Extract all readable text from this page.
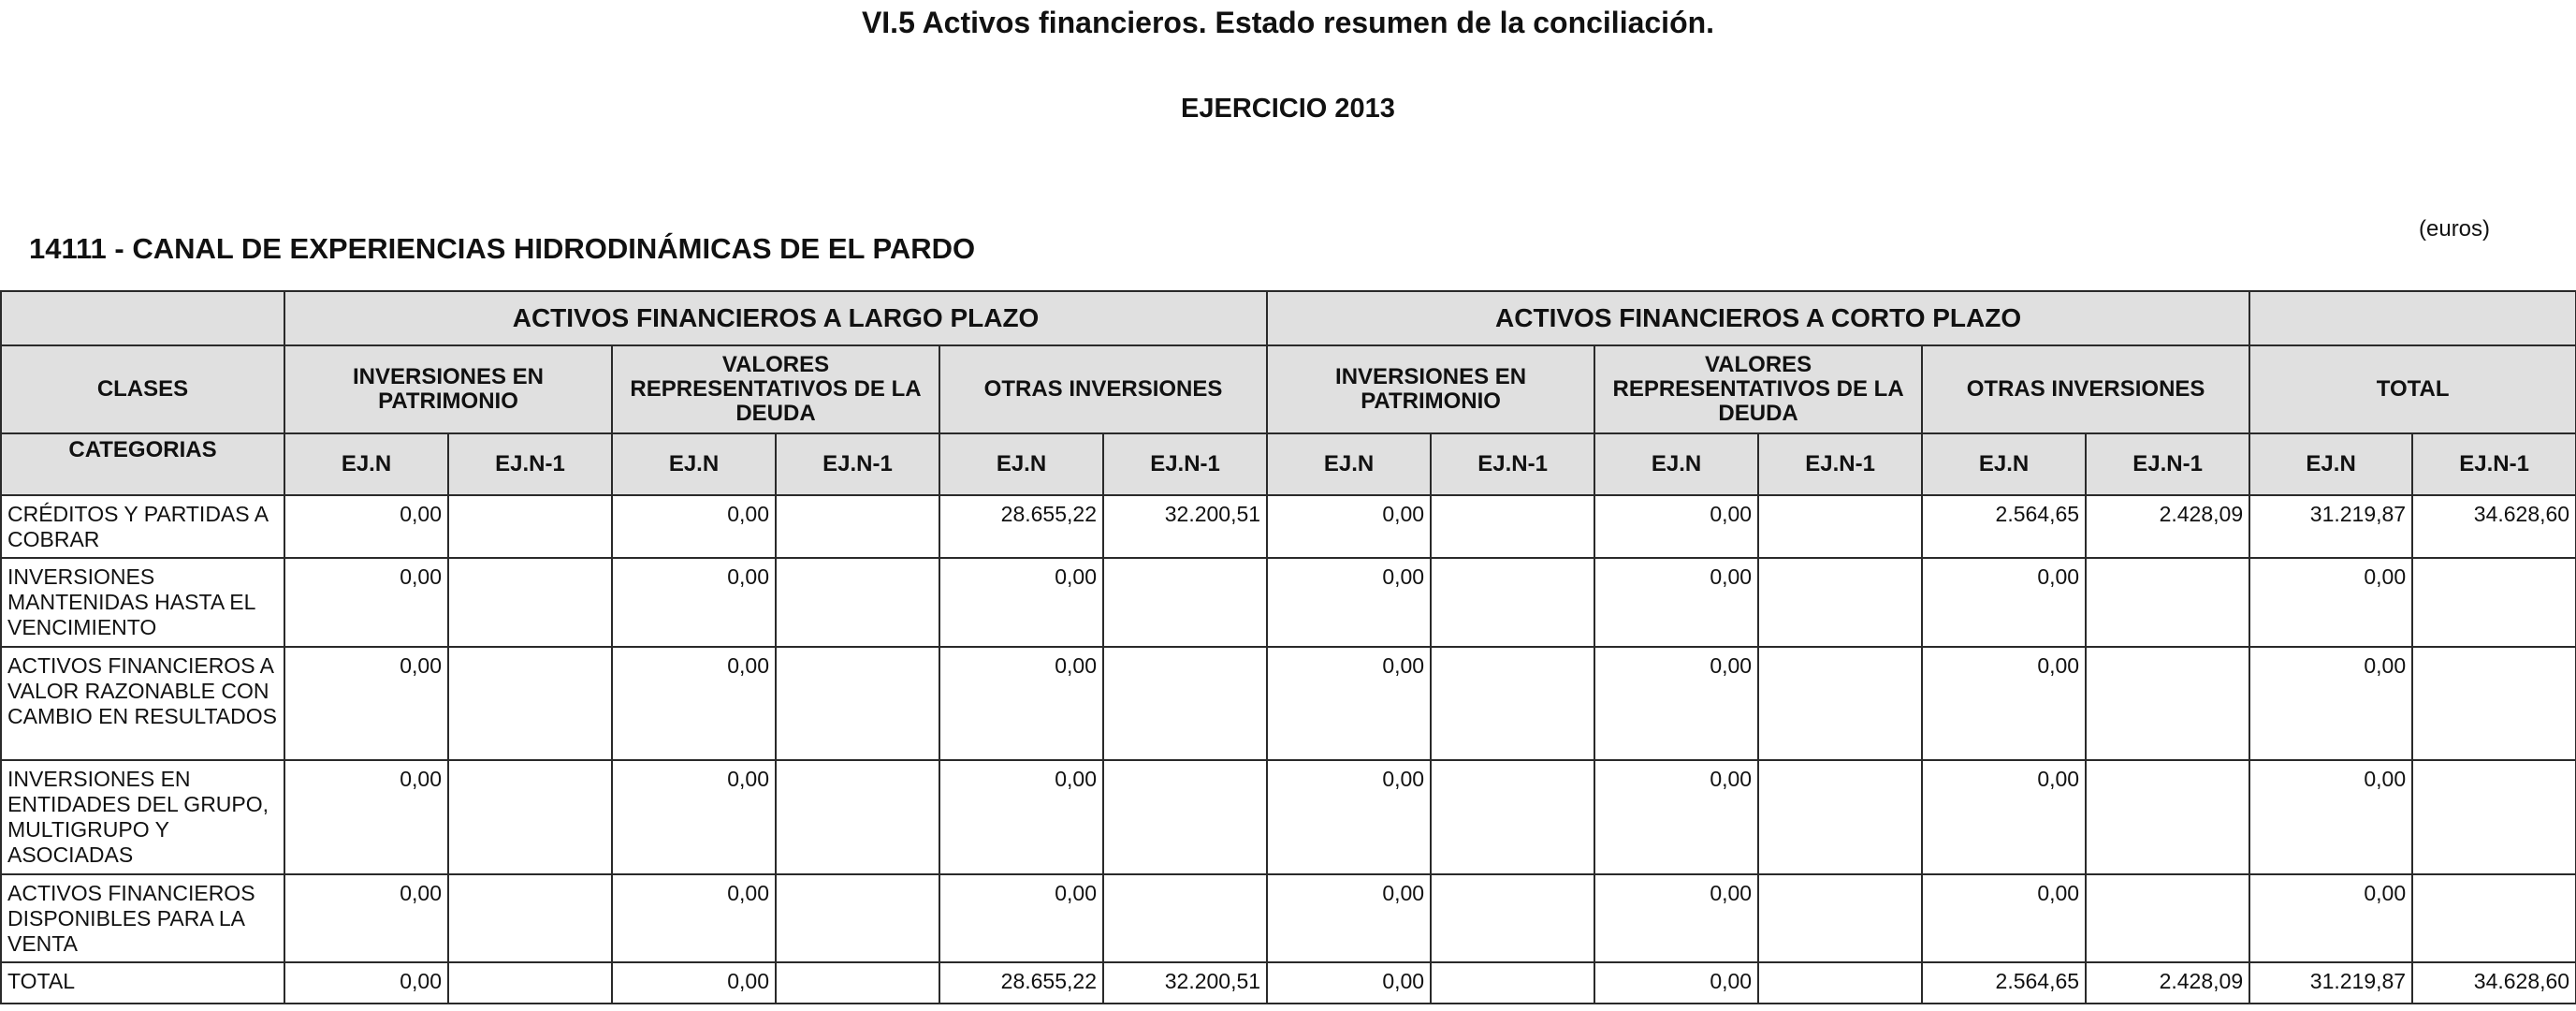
VI.5 Activos financieros. Estado resumen de la conciliación.
EJERCICIO 2013
14111 - CANAL DE EXPERIENCIAS HIDRODINÁMICAS DE EL PARDO
(euros)
	ACTIVOS FINANCIEROS A LARGO PLAZO						ACTIVOS FINANCIEROS A CORTO PLAZO							
CLASES	INVERSIONES EN PATRIMONIO		VALORES REPRESENTATIVOS DE LA DEUDA		OTRAS INVERSIONES		INVERSIONES EN PATRIMONIO		VALORES REPRESENTATIVOS DE LA DEUDA		OTRAS INVERSIONES		TOTAL	
CATEGORIAS	EJ.N	EJ.N-1	EJ.N	EJ.N-1	EJ.N	EJ.N-1	EJ.N	EJ.N-1	EJ.N	EJ.N-1	EJ.N	EJ.N-1	EJ.N	EJ.N-1
CRÉDITOS Y PARTIDAS A COBRAR	0,00		0,00		28.655,22	32.200,51	0,00		0,00		2.564,65	2.428,09	31.219,87	34.628,60
INVERSIONES MANTENIDAS HASTA EL VENCIMIENTO	0,00		0,00		0,00		0,00		0,00		0,00		0,00	
ACTIVOS FINANCIEROS A VALOR RAZONABLE CON CAMBIO EN RESULTADOS	0,00		0,00		0,00		0,00		0,00		0,00		0,00	
INVERSIONES EN ENTIDADES DEL GRUPO, MULTIGRUPO Y ASOCIADAS	0,00		0,00		0,00		0,00		0,00		0,00		0,00	
ACTIVOS FINANCIEROS DISPONIBLES PARA LA VENTA	0,00		0,00		0,00		0,00		0,00		0,00		0,00	
TOTAL	0,00		0,00		28.655,22	32.200,51	0,00		0,00		2.564,65	2.428,09	31.219,87	34.628,60
